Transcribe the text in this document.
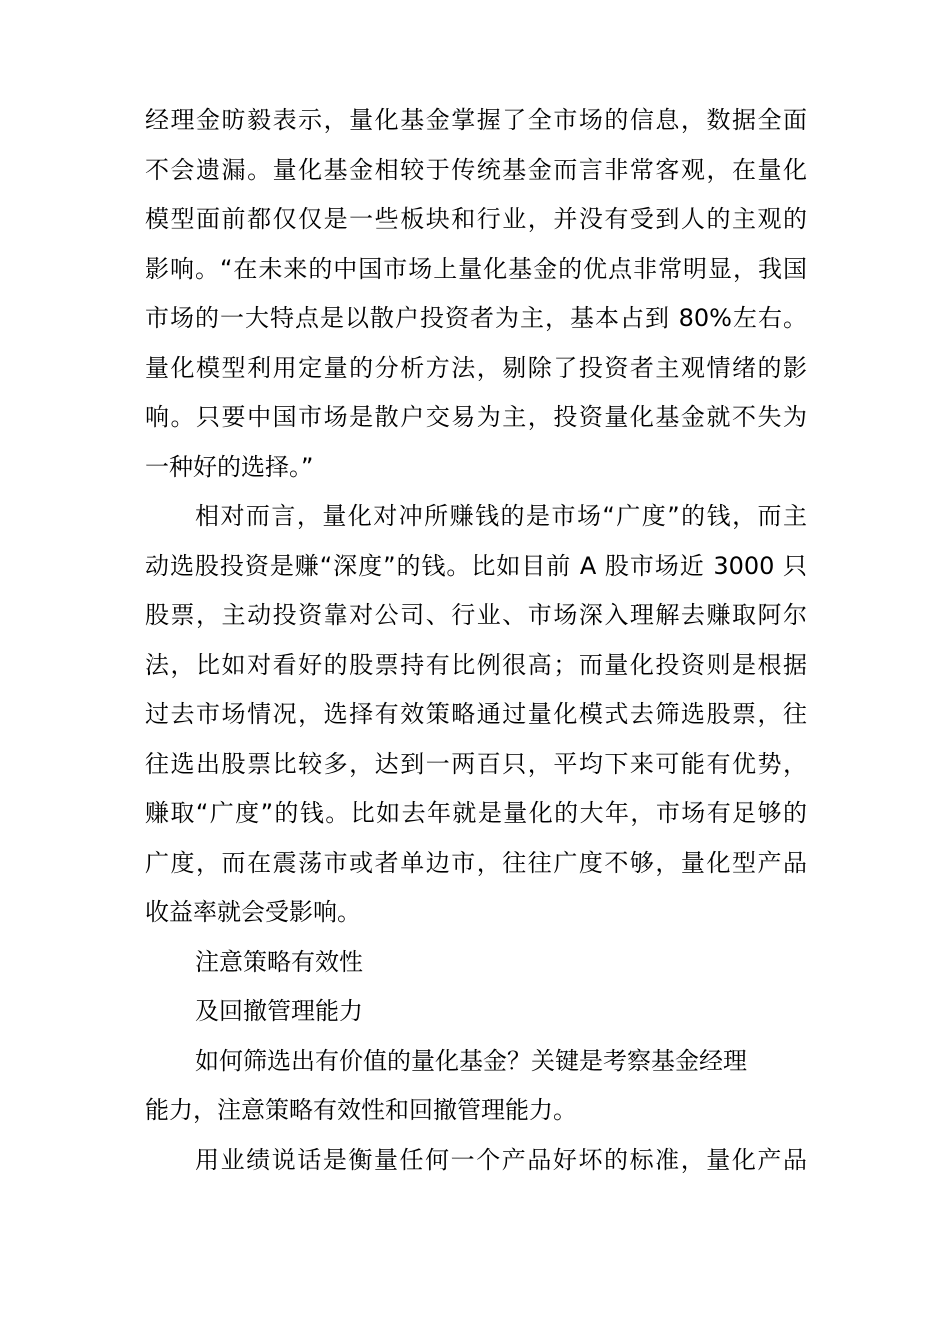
经理金昉毅表示，量化基金掌握了全市场的信息，数据全面
不会遗漏。量化基金相较于传统基金而言非常客观，在量化
模型面前都仅仅是一些板块和行业，并没有受到人的主观的
影响。“在未来的中国市场上量化基金的优点非常明显，我国
市场的一大特点是以散户投资者为主，基本占到 80%左右。
量化模型利用定量的分析方法，剔除了投资者主观情绪的影
响。只要中国市场是散户交易为主，投资量化基金就不失为
一种好的选择。”
相对而言，量化对冲所赚钱的是市场“广度”的钱，而主
动选股投资是赚“深度”的钱。比如目前 A 股市场近 3000 只
股票，主动投资靠对公司、行业、市场深入理解去赚取阿尔
法，比如对看好的股票持有比例很高；而量化投资则是根据
过去市场情况，选择有效策略通过量化模式去筛选股票，往
往选出股票比较多，达到一两百只，平均下来可能有优势，
赚取“广度”的钱。比如去年就是量化的大年，市场有足够的
广度，而在震荡市或者单边市，往往广度不够，量化型产品
收益率就会受影响。
注意策略有效性
及回撤管理能力
如何筛选出有价值的量化基金？关键是考察基金经理
能力，注意策略有效性和回撤管理能力。
用业绩说话是衡量任何一个产品好坏的标准，量化产品
